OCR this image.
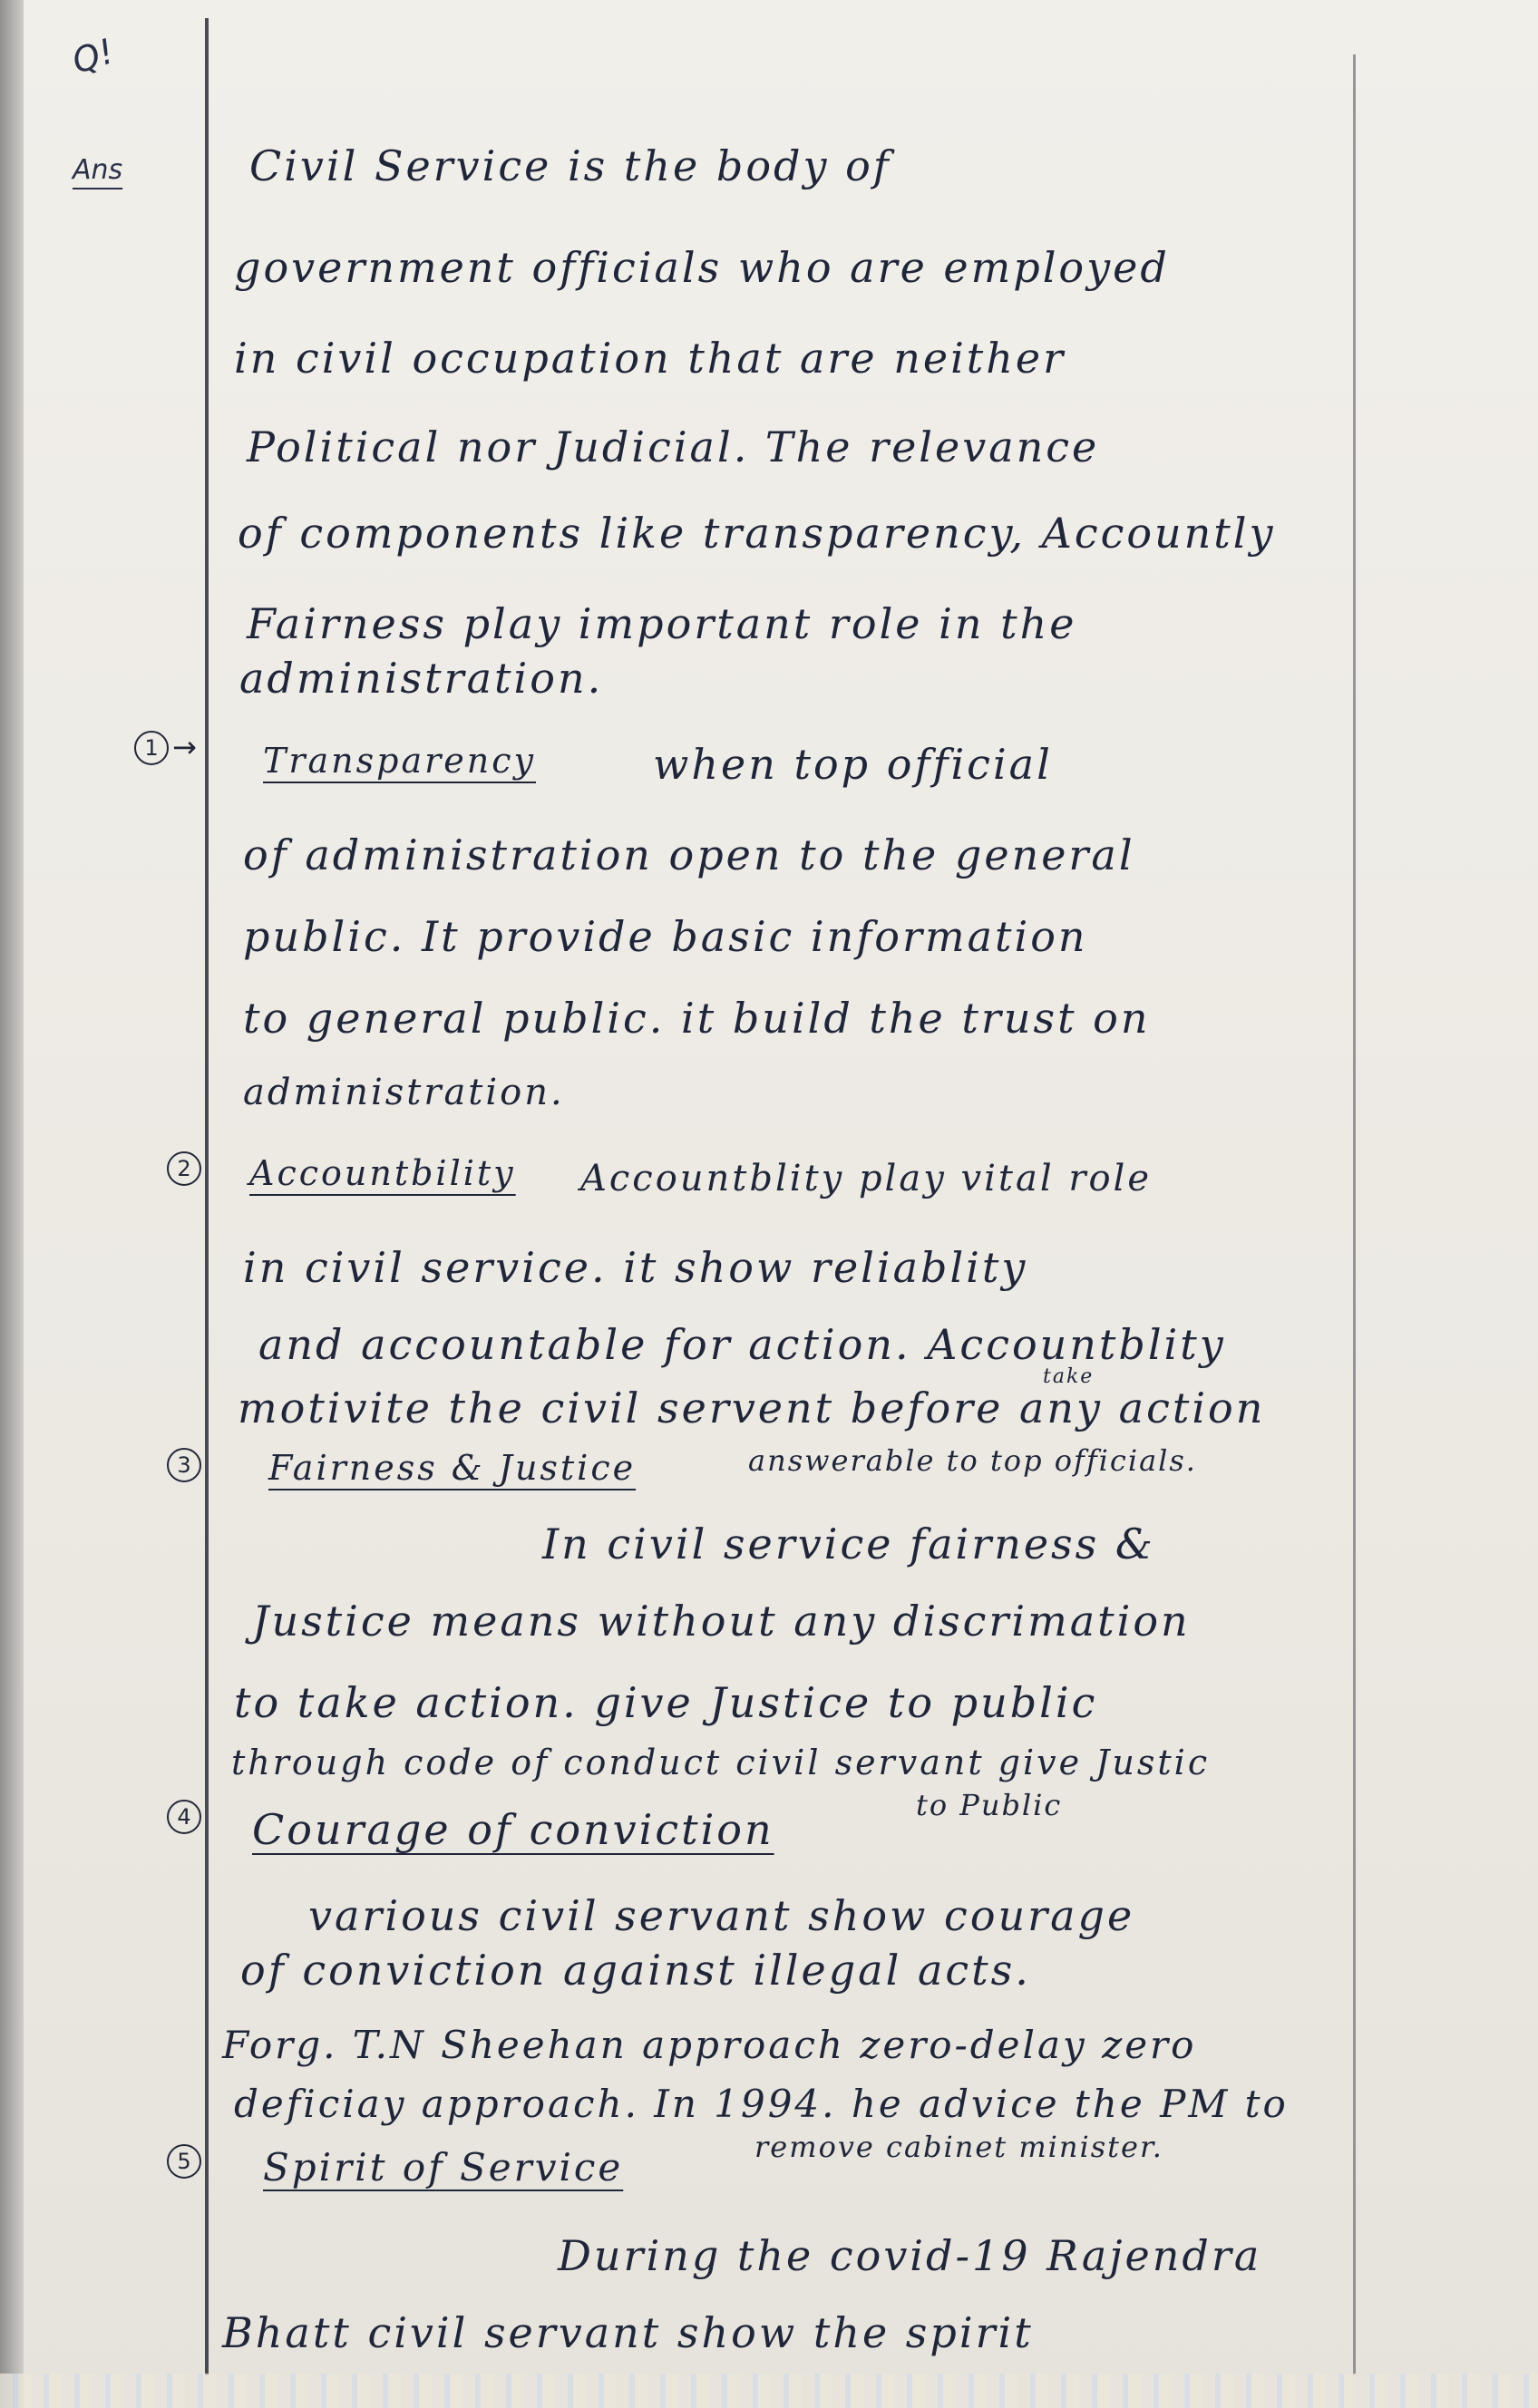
Q!
Ans	Civil Service is the body of
government officials who are employed
in civil occupation that are neither
Political nor Judicial. The relevance
of components like transparency, Accountly
Fairness play important role in the
administration.
1 → Transparency	when top official
of administration open to the general
public. It provide basic information
to general public. it build the trust on
administration.
2 Accountbility Accountblity play vital role
in civil service. it show reliablity
and accountable for action. Accountblity
take
motivite the civil servent before any action
3 Fairness & Justice	answerable to top officials.
In civil service fairness &
Justice means without any discrimation
to take action. give Justice to public
through code of conduct civil servant give Justic
to Public
4 Courage of conviction
various civil servant show courage
of conviction against illegal acts.
Forg. T.N Sheehan approach zero-delay zero
deficiay approach. In 1994. he advice the PM to
remove cabinet minister.
5 Spirit of Service
During the covid-19 Rajendra
Bhatt civil servant show the spirit
